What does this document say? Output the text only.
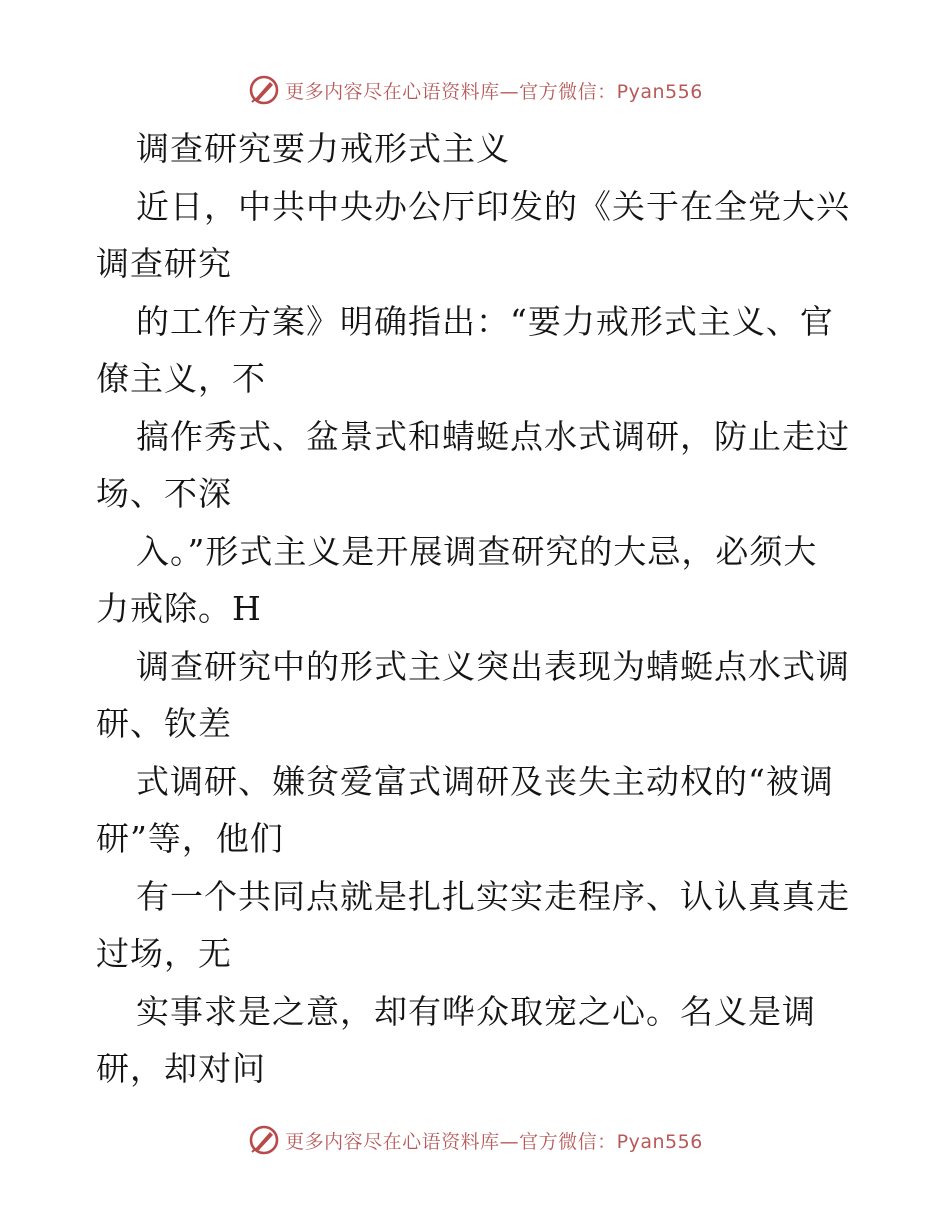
更多内容尽在心语资料库—官方微信：Pyan556

调查研究要力戒形式主义

近日，中共中央办公厅印发的《关于在全党大兴

调查研究

的工作方案》明确指出：“要力戒形式主义、官

僚主义，不

搞作秀式、盆景式和蜻蜓点水式调研，防止走过

场、不深

入。”形式主义是开展调查研究的大忌，必须大

力戒除。H

调查研究中的形式主义突出表现为蜻蜓点水式调

研、钦差

式调研、嫌贫爱富式调研及丧失主动权的“被调

研”等，他们

有一个共同点就是扎扎实实走程序、认认真真走

过场，无

实事求是之意，却有哗众取宠之心。名义是调

研，却对问

更多内容尽在心语资料库—官方微信：Pyan556
